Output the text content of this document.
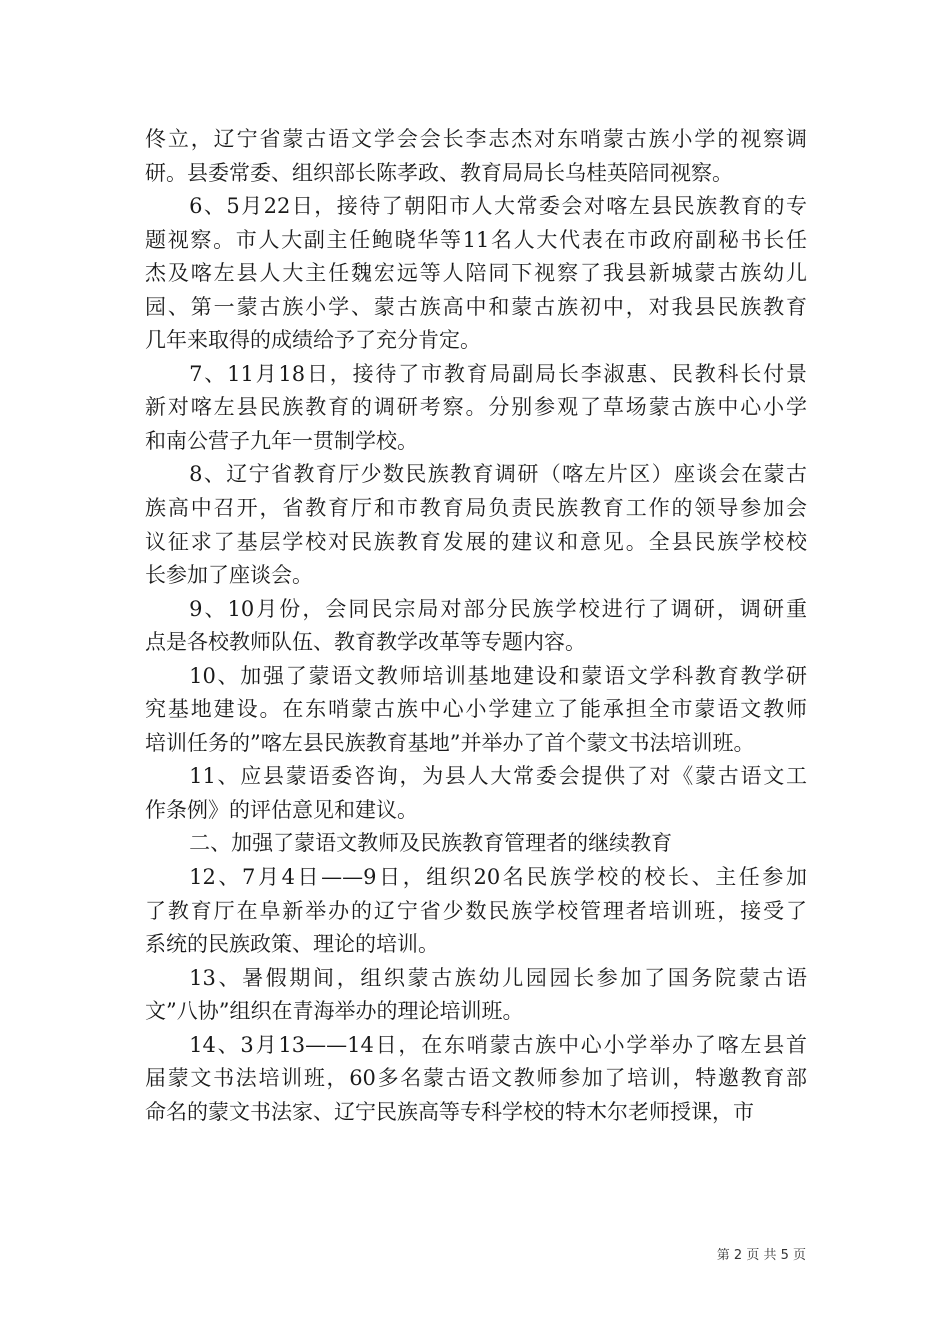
佟立，辽宁省蒙古语文学会会长李志杰对东哨蒙古族小学的视察调
研。县委常委、组织部长陈孝政、教育局局长乌桂英陪同视察。
6、5月22日，接待了朝阳市人大常委会对喀左县民族教育的专
题视察。市人大副主任鲍晓华等11名人大代表在市政府副秘书长任
杰及喀左县人大主任魏宏远等人陪同下视察了我县新城蒙古族幼儿
园、第一蒙古族小学、蒙古族高中和蒙古族初中，对我县民族教育
几年来取得的成绩给予了充分肯定。
7、11月18日，接待了市教育局副局长李淑惠、民教科长付景
新对喀左县民族教育的调研考察。分别参观了草场蒙古族中心小学
和南公营子九年一贯制学校。
8、辽宁省教育厅少数民族教育调研（喀左片区）座谈会在蒙古
族高中召开，省教育厅和市教育局负责民族教育工作的领导参加会
议征求了基层学校对民族教育发展的建议和意见。全县民族学校校
长参加了座谈会。
9、10月份，会同民宗局对部分民族学校进行了调研，调研重
点是各校教师队伍、教育教学改革等专题内容。
10、加强了蒙语文教师培训基地建设和蒙语文学科教育教学研
究基地建设。在东哨蒙古族中心小学建立了能承担全市蒙语文教师
培训任务的”喀左县民族教育基地”并举办了首个蒙文书法培训班。
11、应县蒙语委咨询，为县人大常委会提供了对《蒙古语文工
作条例》的评估意见和建议。
二、加强了蒙语文教师及民族教育管理者的继续教育
12、7月4日——9日，组织20名民族学校的校长、主任参加
了教育厅在阜新举办的辽宁省少数民族学校管理者培训班，接受了
系统的民族政策、理论的培训。
13、暑假期间，组织蒙古族幼儿园园长参加了国务院蒙古语
文”八协”组织在青海举办的理论培训班。
14、3月13——14日，在东哨蒙古族中心小学举办了喀左县首
届蒙文书法培训班，60多名蒙古语文教师参加了培训，特邀教育部
命名的蒙文书法家、辽宁民族高等专科学校的特木尔老师授课，市
第 2 页 共 5 页
